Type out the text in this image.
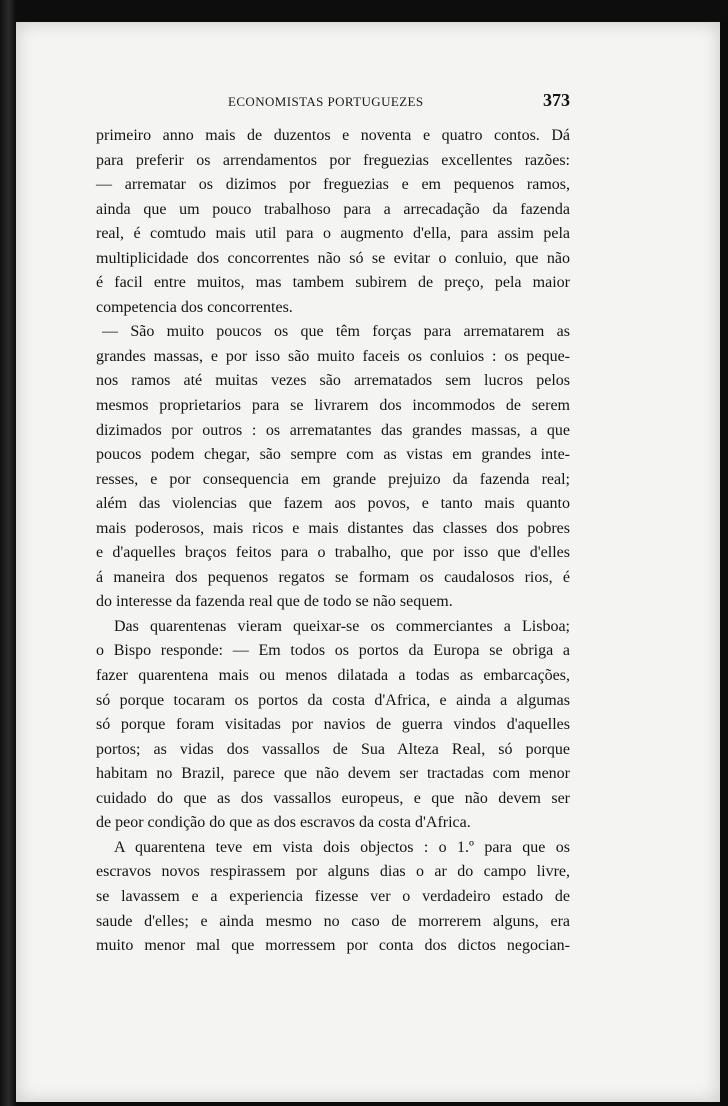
ECONOMISTAS PORTUGUEZES	373
primeiro anno mais de duzentos e noventa e quatro contos. Dá
para preferir os arrendamentos por freguezias excellentes razões:
— arrematar os dizimos por freguezias e em pequenos ramos,
ainda que um pouco trabalhoso para a arrecadação da fazenda
real, é comtudo mais util para o augmento d'ella, para assim pela
multiplicidade dos concorrentes não só se evitar o conluio, que não
é facil entre muitos, mas tambem subirem de preço, pela maior
competencia dos concorrentes.
— São muito poucos os que têm forças para arrematarem as
grandes massas, e por isso são muito faceis os conluios : os peque-
nos ramos até muitas vezes são arrematados sem lucros pelos
mesmos proprietarios para se livrarem dos incommodos de serem
dizimados por outros : os arrematantes das grandes massas, a que
poucos podem chegar, são sempre com as vistas em grandes inte-
resses, e por consequencia em grande prejuizo da fazenda real;
além das violencias que fazem aos povos, e tanto mais quanto
mais poderosos, mais ricos e mais distantes das classes dos pobres
e d'aquelles braços feitos para o trabalho, que por isso que d'elles
á maneira dos pequenos regatos se formam os caudalosos rios, é
do interesse da fazenda real que de todo se não sequem.
Das quarentenas vieram queixar-se os commerciantes a Lisboa;
o Bispo responde: — Em todos os portos da Europa se obriga a
fazer quarentena mais ou menos dilatada a todas as embarcações,
só porque tocaram os portos da costa d'Africa, e ainda a algumas
só porque foram visitadas por navios de guerra vindos d'aquelles
portos; as vidas dos vassallos de Sua Alteza Real, só porque
habitam no Brazil, parece que não devem ser tractadas com menor
cuidado do que as dos vassallos europeus, e que não devem ser
de peor condição do que as dos escravos da costa d'Africa.
A quarentena teve em vista dois objectos : o 1.º para que os
escravos novos respirassem por alguns dias o ar do campo livre,
se lavassem e a experiencia fizesse ver o verdadeiro estado de
saude d'elles; e ainda mesmo no caso de morrerem alguns, era
muito menor mal que morressem por conta dos dictos negocian-
